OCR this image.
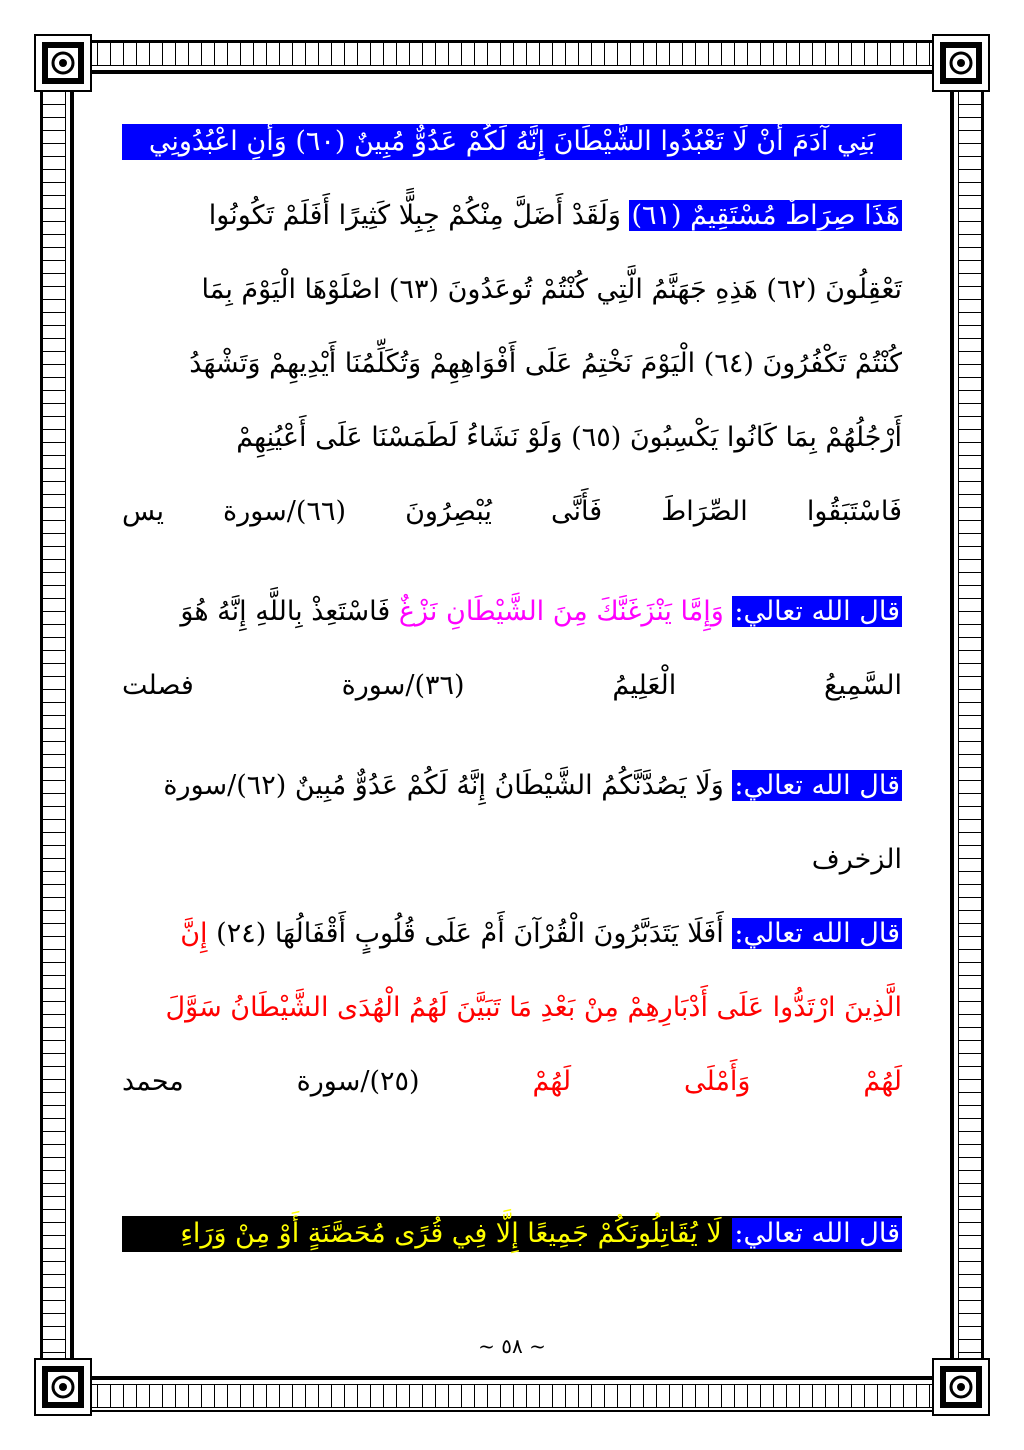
بَنِي آدَمَ أَنْ لَا تَعْبُدُوا الشَّيْطَانَ إِنَّهُ لَكُمْ عَدُوٌّ مُبِينٌ (٦٠) وَأَنِ اعْبُدُونِي
هَذَا صِرَاطٌ مُسْتَقِيمٌ (٦١) وَلَقَدْ أَضَلَّ مِنْكُمْ جِبِلًّا كَثِيرًا أَفَلَمْ تَكُونُوا
تَعْقِلُونَ (٦٢) هَذِهِ جَهَنَّمُ الَّتِي كُنْتُمْ تُوعَدُونَ (٦٣) اصْلَوْهَا الْيَوْمَ بِمَا
كُنْتُمْ تَكْفُرُونَ (٦٤) الْيَوْمَ نَخْتِمُ عَلَى أَفْوَاهِهِمْ وَتُكَلِّمُنَا أَيْدِيهِمْ وَتَشْهَدُ
أَرْجُلُهُمْ بِمَا كَانُوا يَكْسِبُونَ (٦٥) وَلَوْ نَشَاءُ لَطَمَسْنَا عَلَى أَعْيُنِهِمْ
فَاسْتَبَقُوا
الصِّرَاطَ
فَأَنَّى
يُبْصِرُونَ
(٦٦)/سورة
يس
قال الله تعالي: وَإِمَّا يَنْزَغَنَّكَ مِنَ الشَّيْطَانِ نَزْغٌ فَاسْتَعِذْ بِاللَّهِ إِنَّهُ هُوَ
السَّمِيعُ
الْعَلِيمُ
(٣٦)/سورة
فصلت
قال الله تعالي: وَلَا يَصُدَّنَّكُمُ الشَّيْطَانُ إِنَّهُ لَكُمْ عَدُوٌّ مُبِينٌ (٦٢)/سورة
الزخرف
قال الله تعالي: أَفَلَا يَتَدَبَّرُونَ الْقُرْآنَ أَمْ عَلَى قُلُوبٍ أَقْفَالُهَا (٢٤) إِنَّ
الَّذِينَ ارْتَدُّوا عَلَى أَدْبَارِهِمْ مِنْ بَعْدِ مَا تَبَيَّنَ لَهُمُ الْهُدَى الشَّيْطَانُ سَوَّلَ
لَهُمْ
وَأَمْلَى
لَهُمْ
(٢٥)/سورة
محمد
قال الله تعالي: لَا يُقَاتِلُونَكُمْ جَمِيعًا إِلَّا فِي قُرًى مُحَصَّنَةٍ أَوْ مِنْ وَرَاءِ
~ ٥٨ ~
